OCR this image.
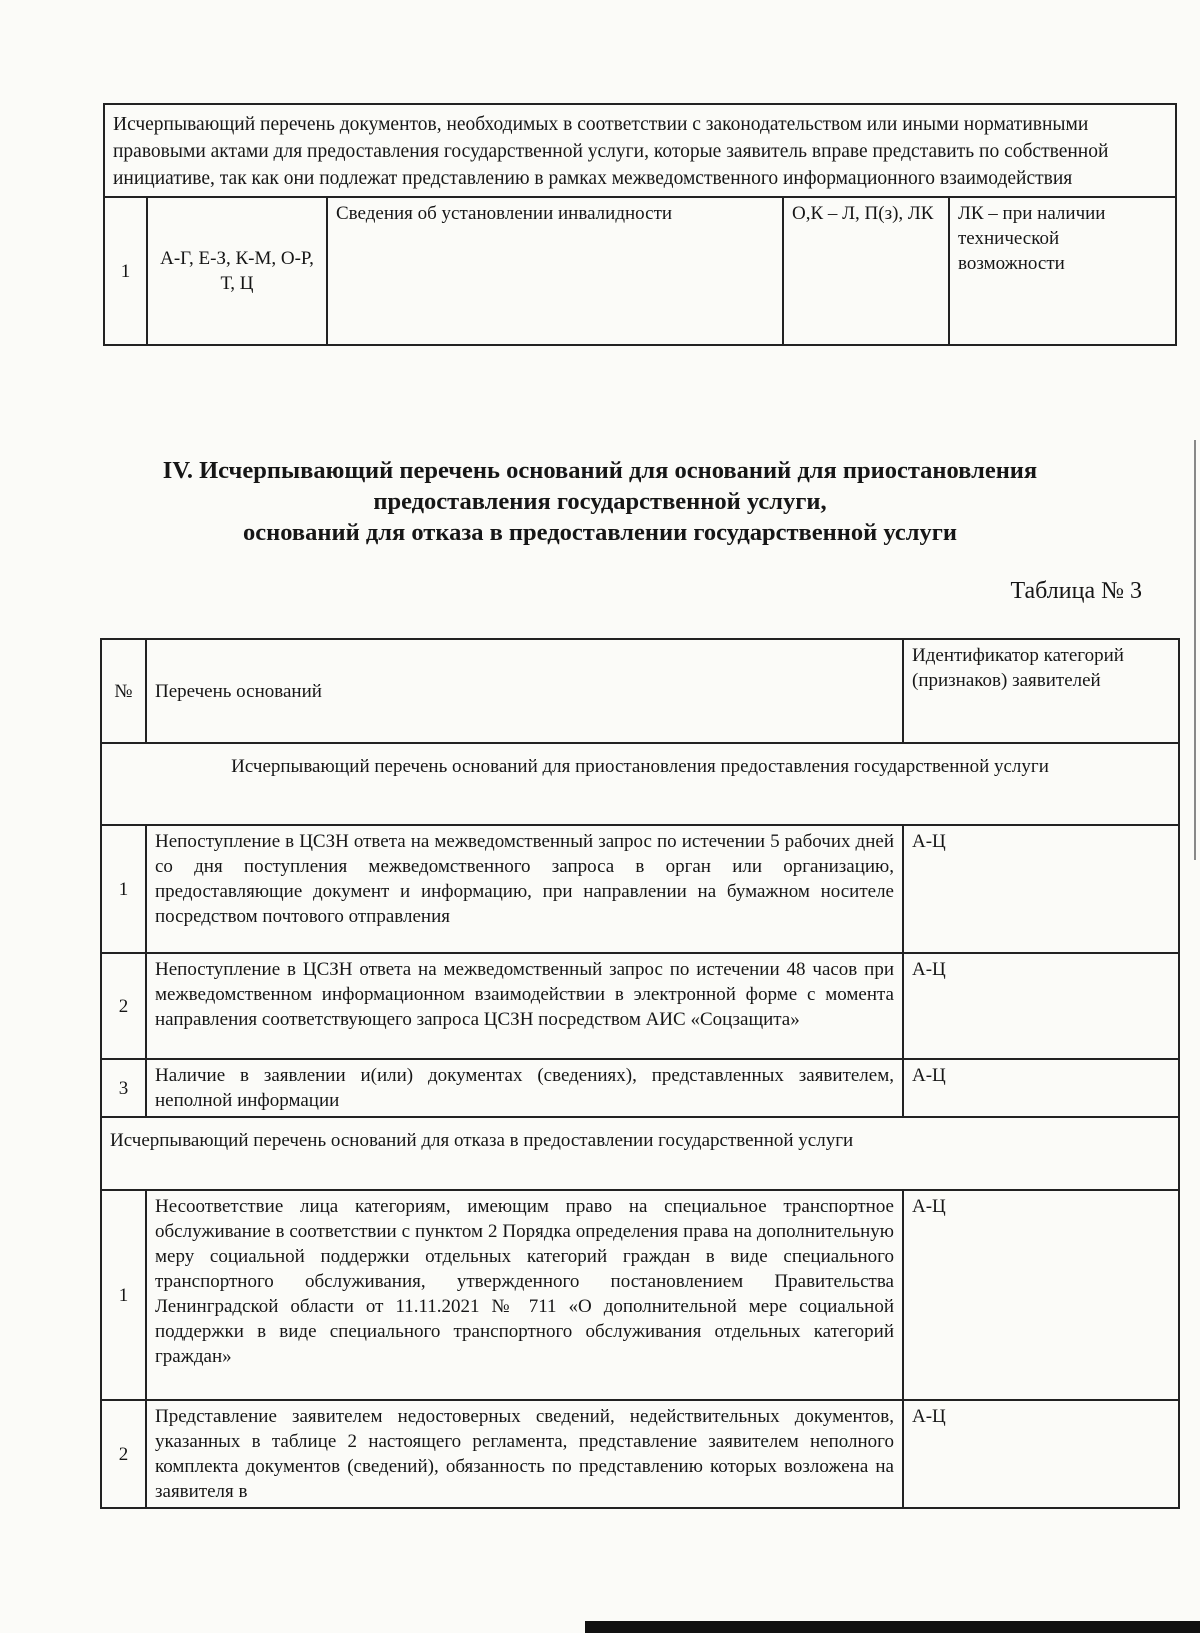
Исчерпывающий перечень документов, необходимых в соответствии с законодательством или иными нормативными правовыми актами для предоставления государственной услуги, которые заявитель вправе представить по собственной инициативе, так как они подлежат представлению в рамках межведомственного информационного взаимодействия
1	А-Г, Е-З, К-М, О-Р, Т, Ц	Сведения об установлении инвалидности	О,К – Л, П(з), ЛК	ЛК – при наличии технической возможности
IV. Исчерпывающий перечень оснований для оснований для приостановления
предоставления государственной услуги,
оснований для отказа в предоставлении государственной услуги
Таблица № 3
№	Перечень оснований	Идентификатор категорий (признаков) заявителей
Исчерпывающий перечень оснований для приостановления предоставления государственной услуги		
1	Непоступление в ЦСЗН ответа на межведомственный запрос по истечении 5 рабочих дней со дня поступления межведомственного запроса в орган или организацию, предоставляющие документ и информацию, при направлении на бумажном носителе посредством почтового отправления	А-Ц
2	Непоступление в ЦСЗН ответа на межведомственный запрос по истечении 48 часов при межведомственном информационном взаимодействии в электронной форме с момента направления соответствующего запроса ЦСЗН посредством АИС «Соцзащита»	А-Ц
3	Наличие в заявлении и(или) документах (сведениях), представленных заявителем, неполной информации	А-Ц
Исчерпывающий перечень оснований для отказа в предоставлении государственной услуги		
1	Несоответствие лица категориям, имеющим право на специальное транспортное обслуживание в соответствии с пунктом 2 Порядка определения права на дополнительную меру социальной поддержки отдельных категорий граждан в виде специального транспортного обслуживания, утвержденного постановлением Правительства Ленинградской области от 11.11.2021 № 711 «О дополнительной мере социальной поддержки в виде специального транспортного обслуживания отдельных категорий граждан»	А-Ц
2	Представление заявителем недостоверных сведений, недействительных документов, указанных в таблице 2 настоящего регламента, представление заявителем неполного комплекта документов (сведений), обязанность по представлению которых возложена на заявителя в	А-Ц
